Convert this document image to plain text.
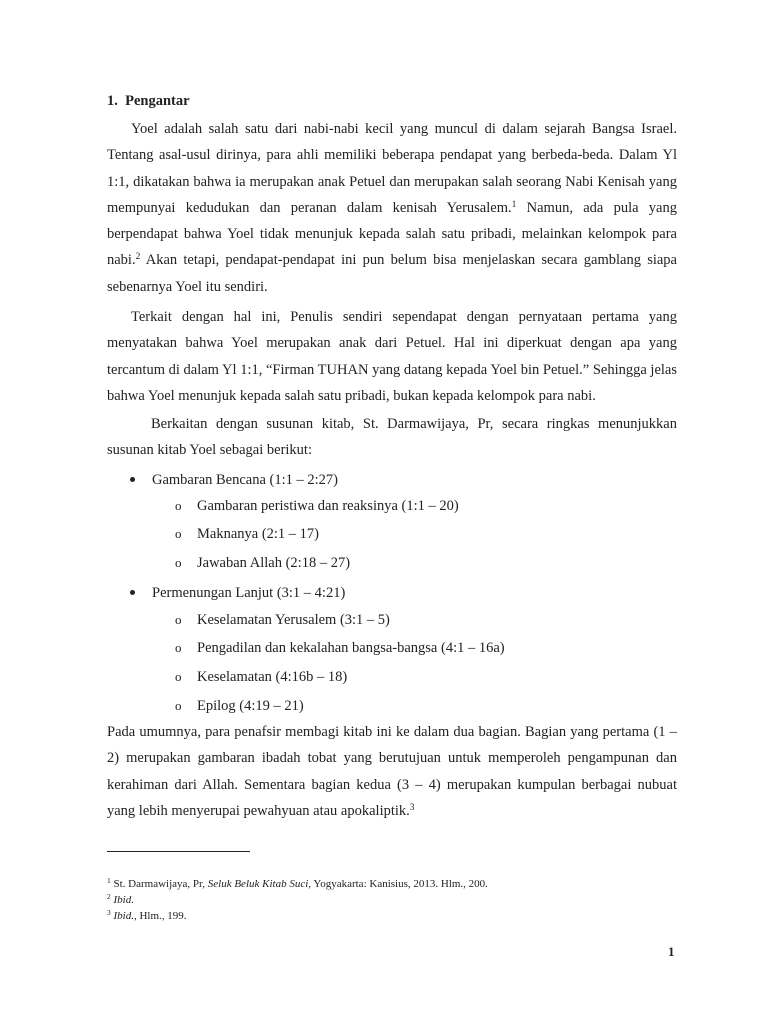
1. Pengantar

Yoel adalah salah satu dari nabi-nabi kecil yang muncul di dalam sejarah Bangsa Israel. Tentang asal-usul dirinya, para ahli memiliki beberapa pendapat yang berbeda-beda. Dalam Yl 1:1, dikatakan bahwa ia merupakan anak Petuel dan merupakan salah seorang Nabi Kenisah yang mempunyai kedudukan dan peranan dalam kenisah Yerusalem.$^1$ Namun, ada pula yang berpendapat bahwa Yoel tidak menunjuk kepada salah satu pribadi, melainkan kelompok para nabi.$^2$ Akan tetapi, pendapat-pendapat ini pun belum bisa menjelaskan secara gamblang siapa sebenarnya Yoel itu sendiri.

Terkait dengan hal ini, Penulis sendiri sependapat dengan pernyataan pertama yang menyatakan bahwa Yoel merupakan anak dari Petuel. Hal ini diperkuat dengan apa yang tercantum di dalam Yl 1:1, “Firman TUHAN yang datang kepada Yoel bin Petuel.” Sehingga jelas bahwa Yoel menunjuk kepada salah satu pribadi, bukan kepada kelompok para nabi.

Berkaitan dengan susunan kitab, St. Darmawijaya, Pr, secara ringkas menunjukkan susunan kitab Yoel sebagai berikut:

Gambaran Bencana (1:1 – 2:27)
o Gambaran peristiwa dan reaksinya (1:1 – 20)
o Maknanya (2:1 – 17)
o Jawaban Allah (2:18 – 27)
Permenungan Lanjut (3:1 – 4:21)
o Keselamatan Yerusalem (3:1 – 5)
o Pengadilan dan kekalahan bangsa-bangsa (4:1 – 16a)
o Keselamatan (4:16b – 18)
o Epilog (4:19 – 21)

Pada umumnya, para penafsir membagi kitab ini ke dalam dua bagian. Bagian yang pertama (1 – 2) merupakan gambaran ibadah tobat yang berutujuan untuk memperoleh pengampunan dan kerahiman dari Allah. Sementara bagian kedua (3 – 4) merupakan kumpulan berbagai nubuat yang lebih menyerupai pewahyuan atau apokaliptik.$^3$

$^1$ St. Darmawijaya, Pr, Seluk Beluk Kitab Suci, Yogyakarta: Kanisius, 2013. Hlm., 200.
$^2$ Ibid.
$^3$ Ibid., Hlm., 199.
1
